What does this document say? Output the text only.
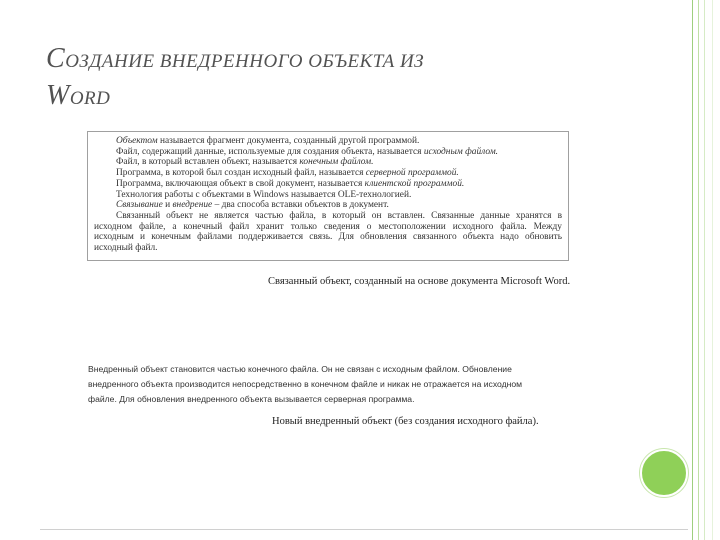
СОЗДАНИЕ ВНЕДРЕННОГО ОБЪЕКТА ИЗ
WORD
Объектом называется фрагмент документа, созданный другой программой.
Файл, содержащий данные, используемые для создания объекта, называется исходным файлом.
Файл, в который вставлен объект, называется конечным файлом.
Программа, в которой был создан исходный файл, называется серверной программой.
Программа, включающая объект в свой документ, называется клиентской программой.
Технология работы с объектами в Windows называется OLE-технологией.
Связывание и внедрение – два способа вставки объектов в документ.
Связанный объект не является частью файла, в который он вставлен. Связанные данные хранятся в
исходном файле, а конечный файл хранит только сведения о местоположении исходного файла. Между
исходным и конечным файлами поддерживается связь. Для обновления связанного объекта надо обновить
исходный файл.
Связанный объект, созданный на основе документа Microsoft Word.
Внедренный объект становится частью конечного файла. Он не связан с исходным файлом. Обновление
внедренного объекта производится непосредственно в конечном файле и никак не отражается на исходном
файле. Для обновления внедренного объекта вызывается серверная программа.
Новый внедренный объект (без создания исходного файла).
